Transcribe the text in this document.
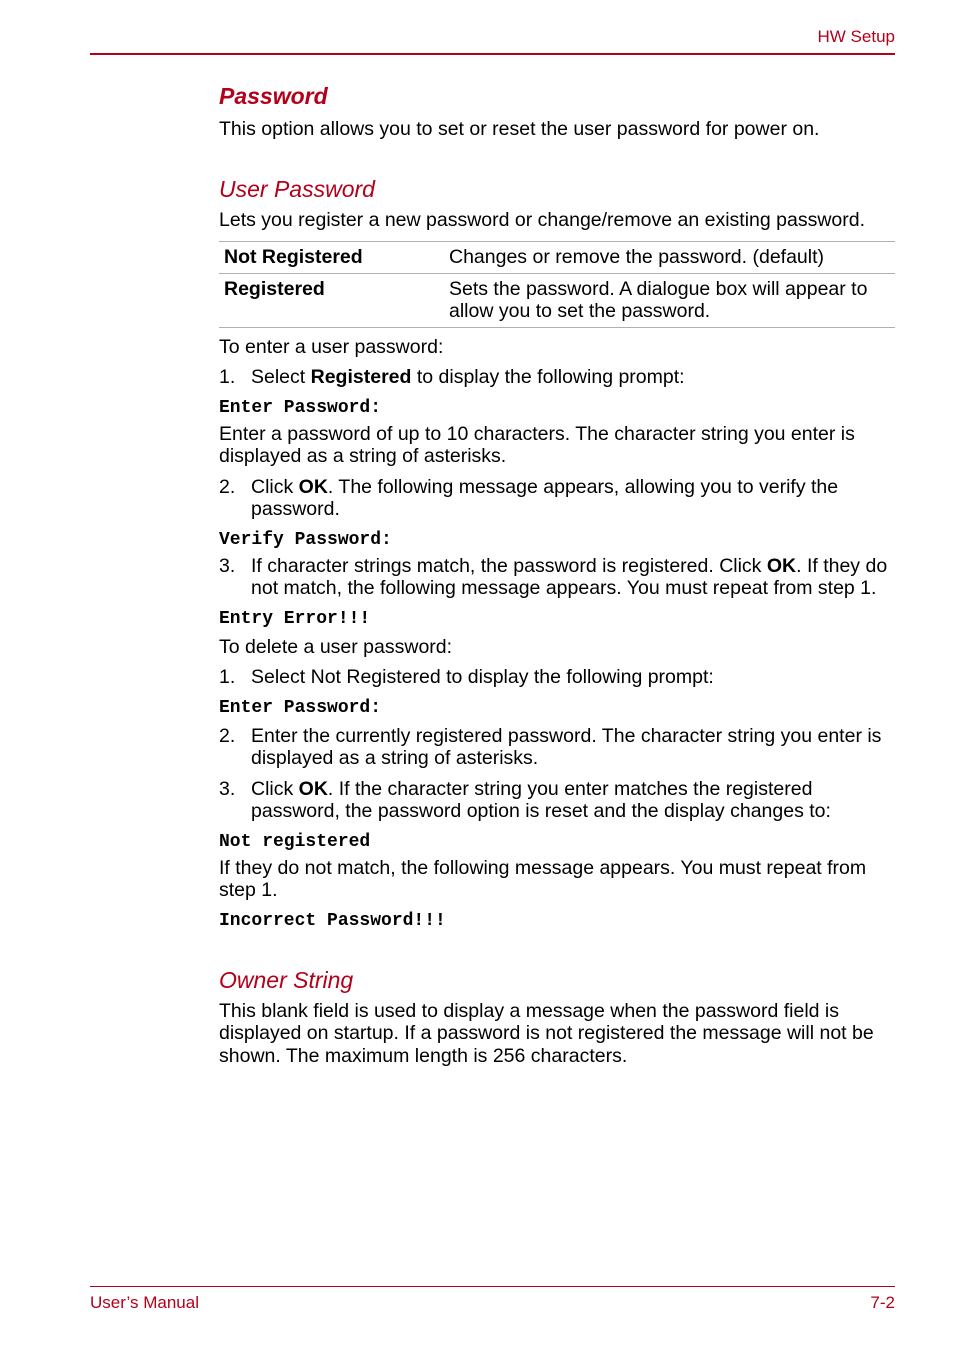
HW Setup
Password

This option allows you to set or reset the user password for power on.

User Password

Lets you register a new password or change/remove an existing password.

Not Registered	Changes or remove the password. (default)
Registered	Sets the password. A dialogue box will appear to allow you to set the password.

To enter a user password:

1. Select Registered to display the following prompt:
Enter Password:

Enter a password of up to 10 characters. The character string you enter is displayed as a string of asterisks.

2. Click OK. The following message appears, allowing you to verify the password.
Verify Password:
3. If character strings match, the password is registered. Click OK. If they do not match, the following message appears. You must repeat from step 1.
Entry Error!!!

To delete a user password:

1. Select Not Registered to display the following prompt:
Enter Password:
2. Enter the currently registered password. The character string you enter is displayed as a string of asterisks.
3. Click OK. If the character string you enter matches the registered password, the password option is reset and the display changes to:
Not registered

If they do not match, the following message appears. You must repeat from step 1.

Incorrect Password!!!
Owner String

This blank field is used to display a message when the password field is displayed on startup. If a password is not registered the message will not be shown. The maximum length is 256 characters.

User’s Manual	7-2
